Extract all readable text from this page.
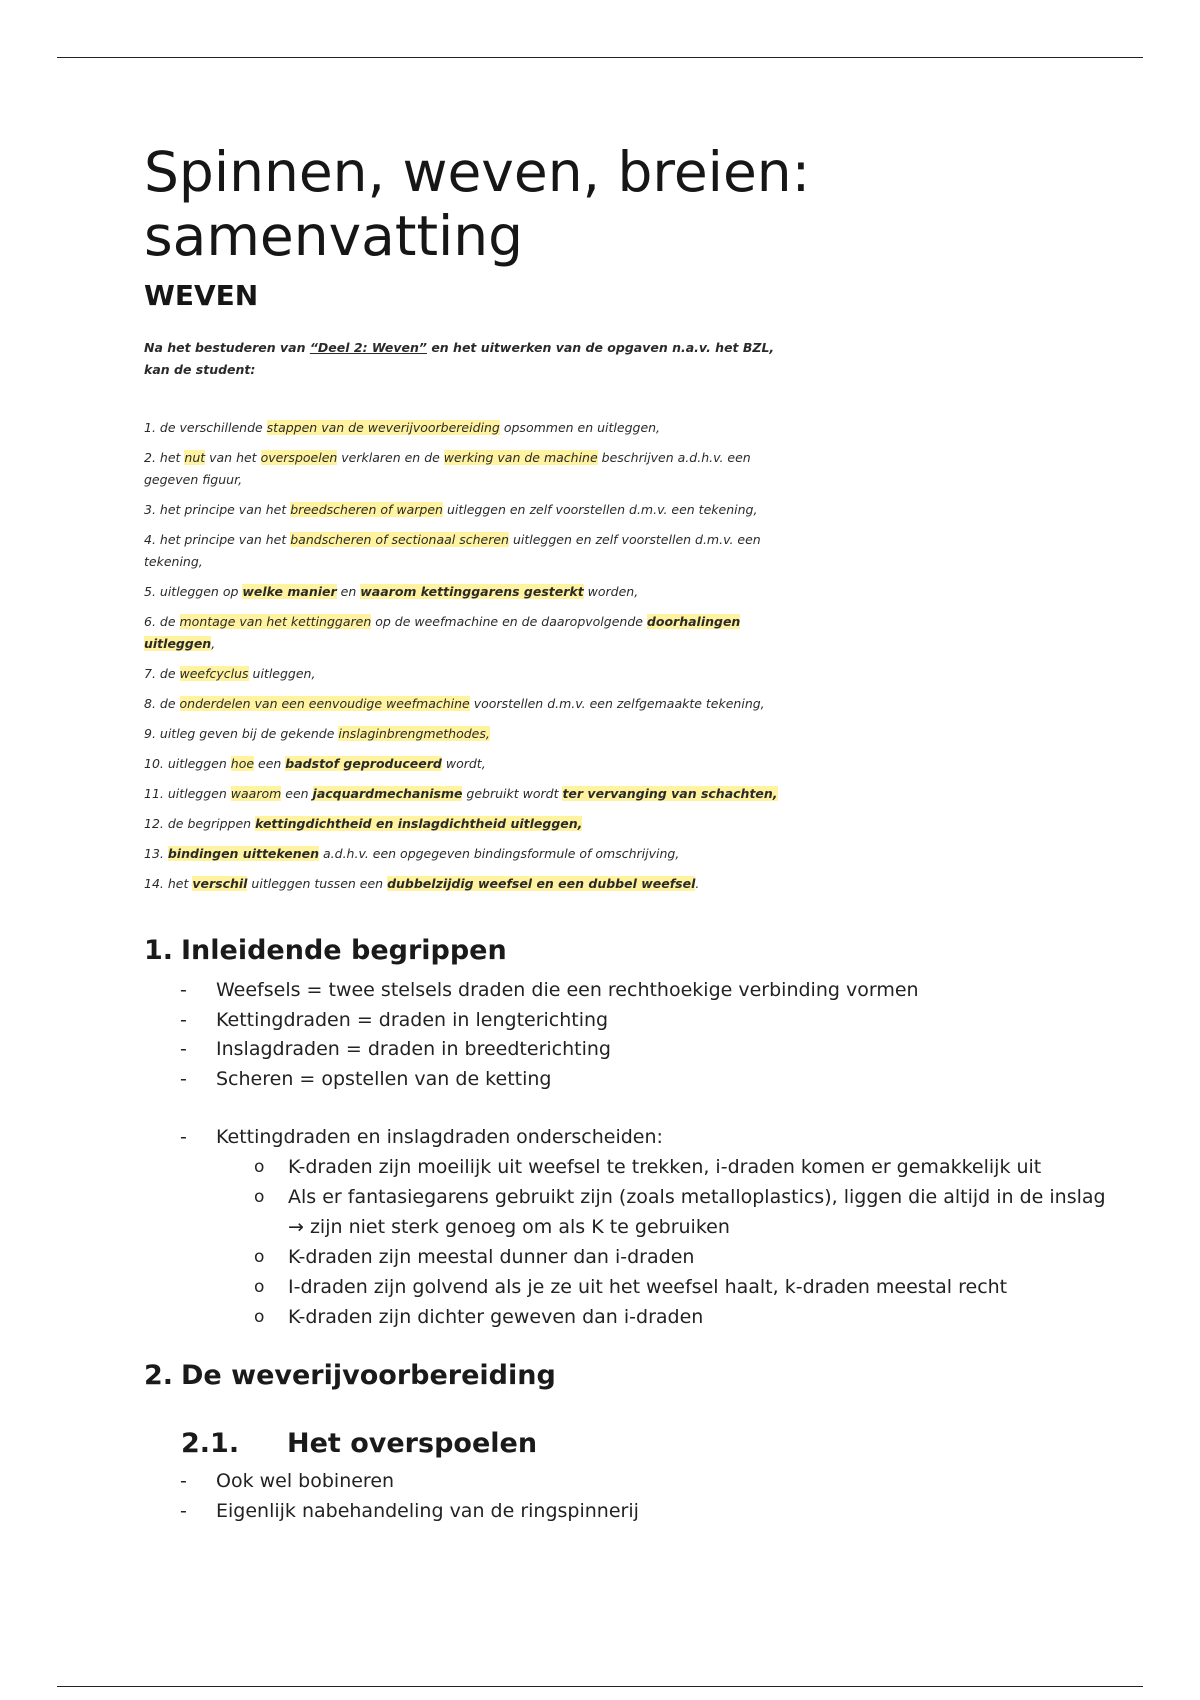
Spinnen, weven, breien: samenvatting
WEVEN

Na het bestuderen van “Deel 2: Weven” en het uitwerken van de opgaven n.a.v. het BZL, kan de student:

1. de verschillende stappen van de weverijvoorbereiding opsommen en uitleggen,
2. het nut van het overspoelen verklaren en de werking van de machine beschrijven a.d.h.v. een gegeven figuur,
3. het principe van het breedscheren of warpen uitleggen en zelf voorstellen d.m.v. een tekening,
4. het principe van het bandscheren of sectionaal scheren uitleggen en zelf voorstellen d.m.v. een tekening,
5. uitleggen op welke manier en waarom kettinggarens gesterkt worden,
6. de montage van het kettinggaren op de weefmachine en de daaropvolgende doorhalingen uitleggen,
7. de weefcyclus uitleggen,
8. de onderdelen van een eenvoudige weefmachine voorstellen d.m.v. een zelfgemaakte tekening,
9. uitleg geven bij de gekende inslaginbrengmethodes,
10. uitleggen hoe een badstof geproduceerd wordt,
11. uitleggen waarom een jacquardmechanisme gebruikt wordt ter vervanging van schachten,
12. de begrippen kettingdichtheid en inslagdichtheid uitleggen,
13. bindingen uittekenen a.d.h.v. een opgegeven bindingsformule of omschrijving,
14. het verschil uitleggen tussen een dubbelzijdig weefsel en een dubbel weefsel.
1. Inleidende begrippen
- Weefsels = twee stelsels draden die een rechthoekige verbinding vormen
- Kettingdraden = draden in lengterichting
- Inslagdraden = draden in breedterichting
- Scheren = opstellen van de ketting
- Kettingdraden en inslagdraden onderscheiden:
o K-draden zijn moeilijk uit weefsel te trekken, i-draden komen er gemakkelijk uit
o Als er fantasiegarens gebruikt zijn (zoals metalloplastics), liggen die altijd in de inslag → zijn niet sterk genoeg om als K te gebruiken
o K-draden zijn meestal dunner dan i-draden
o I-draden zijn golvend als je ze uit het weefsel haalt, k-draden meestal recht
o K-draden zijn dichter geweven dan i-draden
2. De weverijvoorbereiding
2.1. Het overspoelen
- Ook wel bobineren
- Eigenlijk nabehandeling van de ringspinnerij
